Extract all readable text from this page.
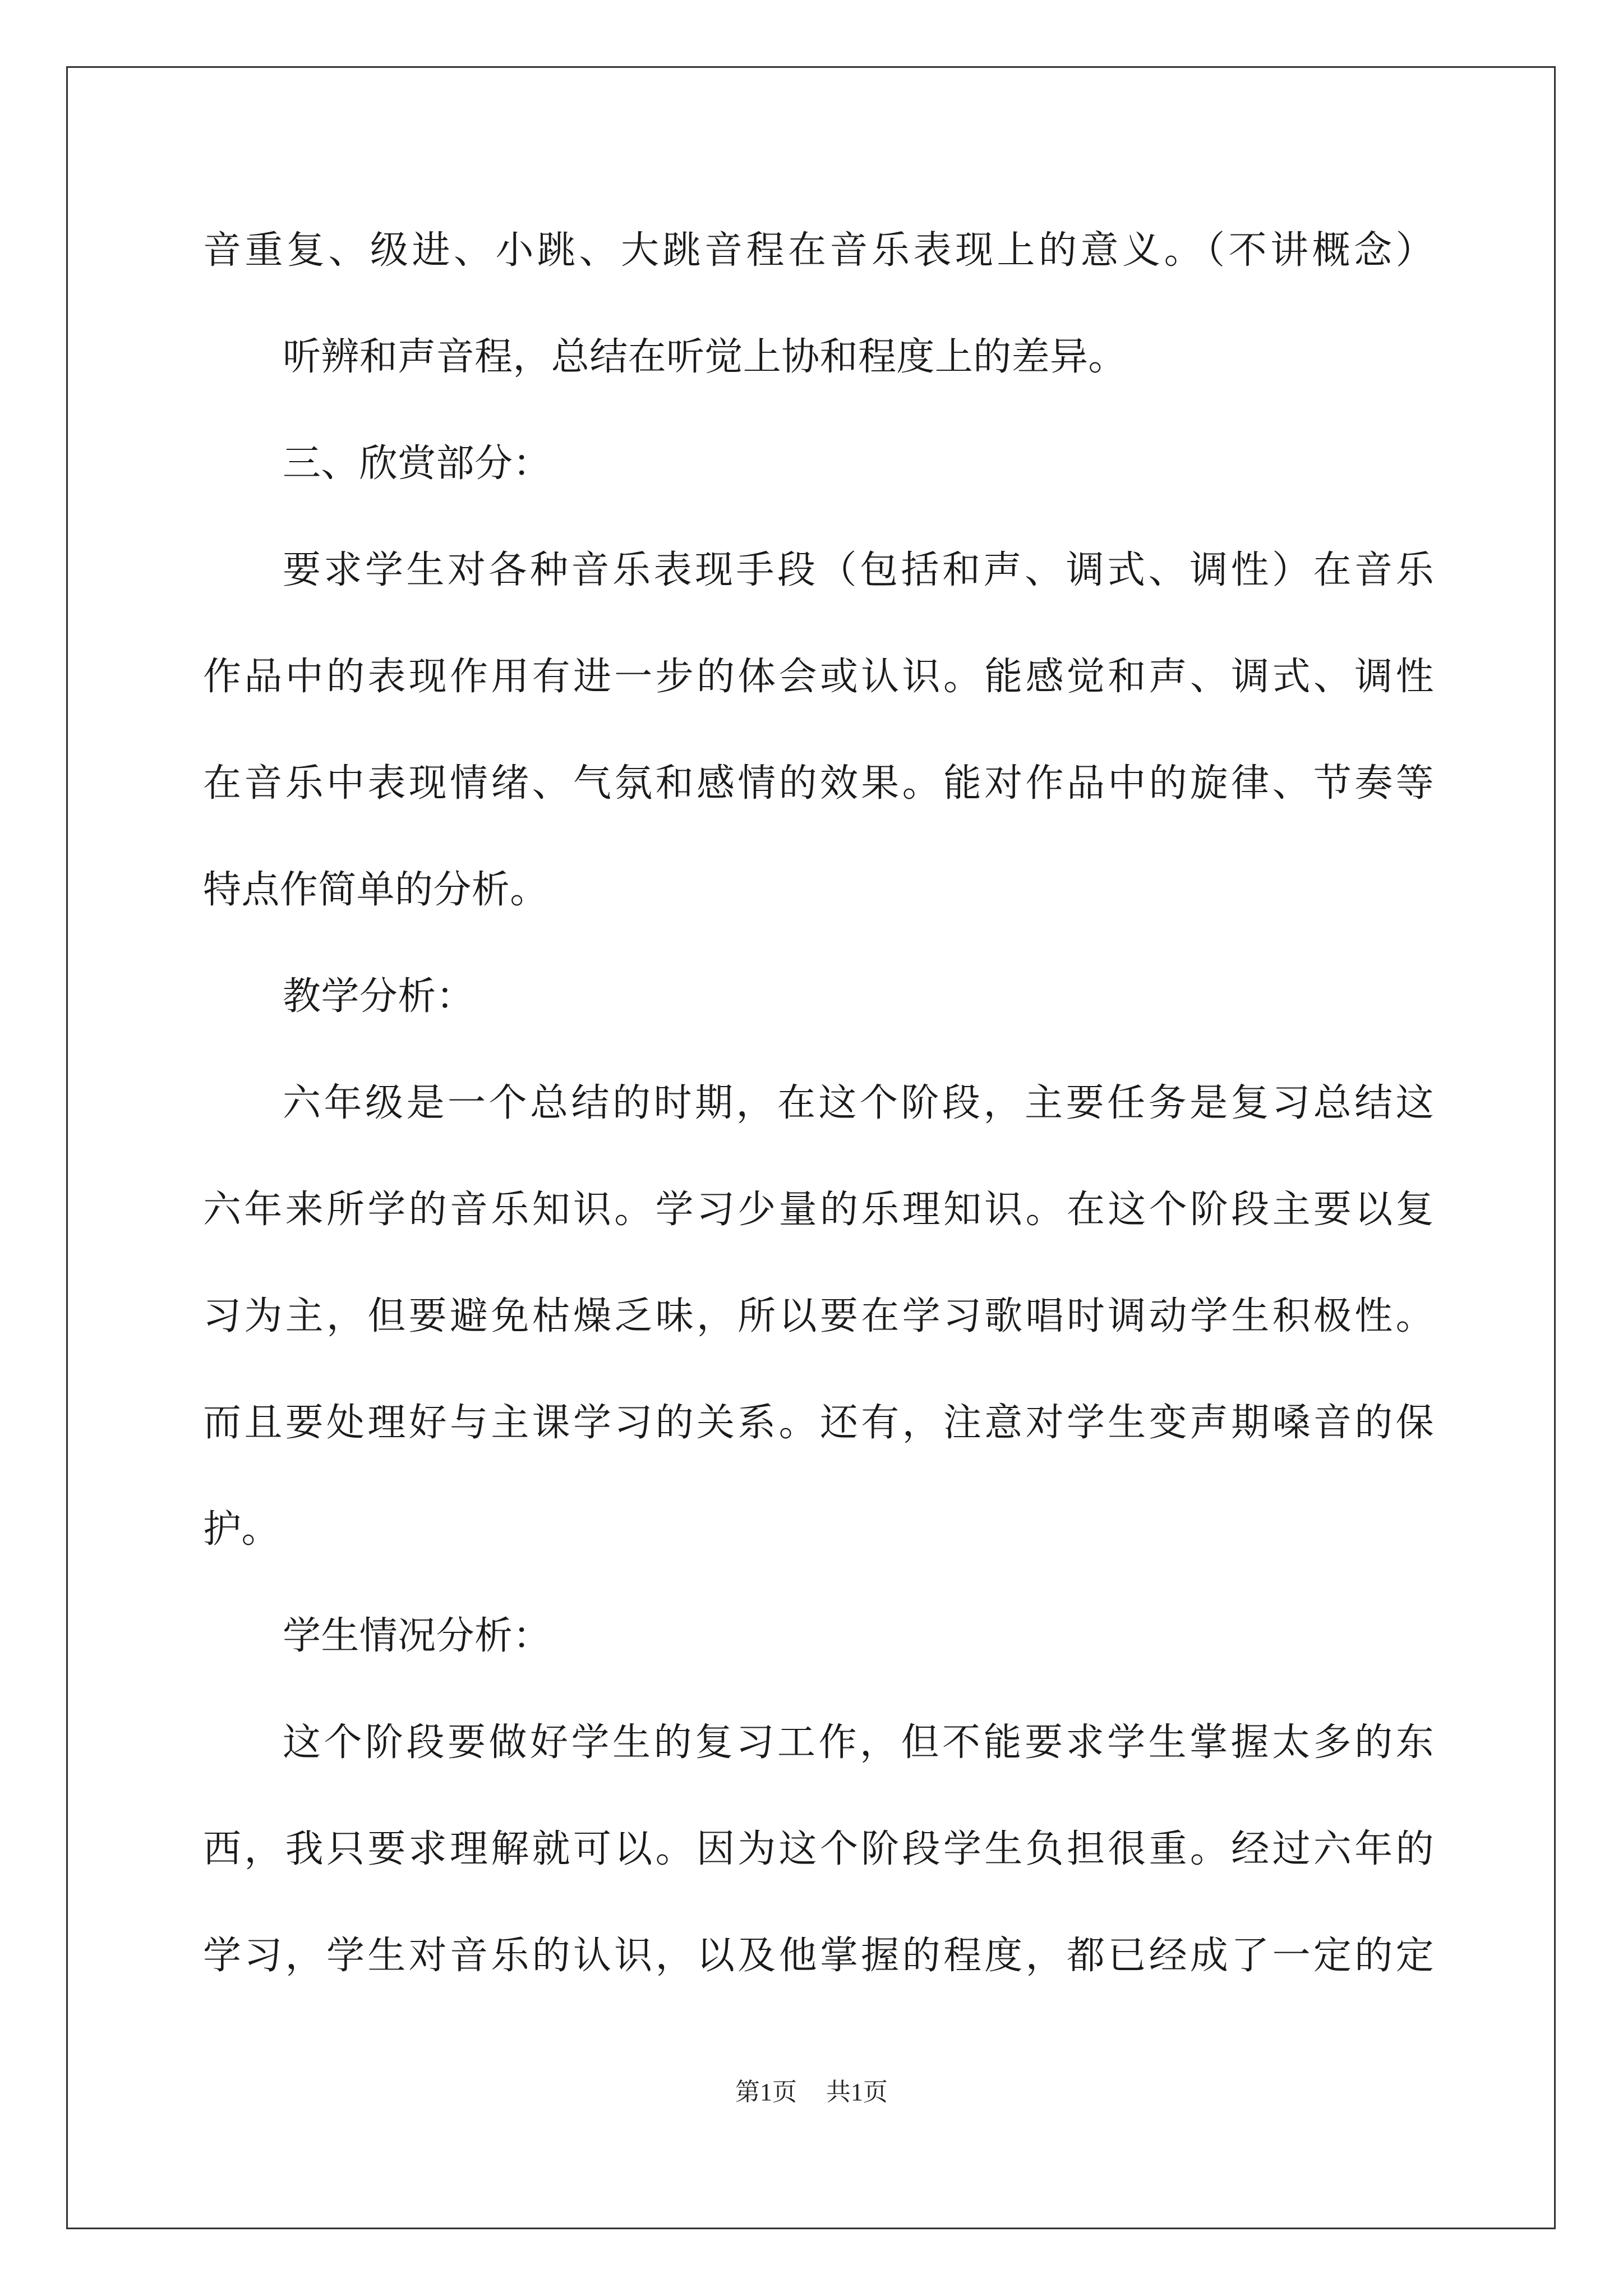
音重复、级进、小跳、大跳音程在音乐表现上的意义。（不讲概念）
听辨和声音程，总结在听觉上协和程度上的差异。
三、欣赏部分：
要求学生对各种音乐表现手段（包括和声、调式、调性）在音乐
作品中的表现作用有进一步的体会或认识。能感觉和声、调式、调性
在音乐中表现情绪、气氛和感情的效果。能对作品中的旋律、节奏等
特点作简单的分析。
教学分析：
六年级是一个总结的时期，在这个阶段，主要任务是复习总结这
六年来所学的音乐知识。学习少量的乐理知识。在这个阶段主要以复
习为主，但要避免枯燥乏味，所以要在学习歌唱时调动学生积极性。
而且要处理好与主课学习的关系。还有，注意对学生变声期嗓音的保
护。
学生情况分析：
这个阶段要做好学生的复习工作，但不能要求学生掌握太多的东
西，我只要求理解就可以。因为这个阶段学生负担很重。经过六年的
学习，学生对音乐的认识，以及他掌握的程度，都已经成了一定的定
第1页 共1页
